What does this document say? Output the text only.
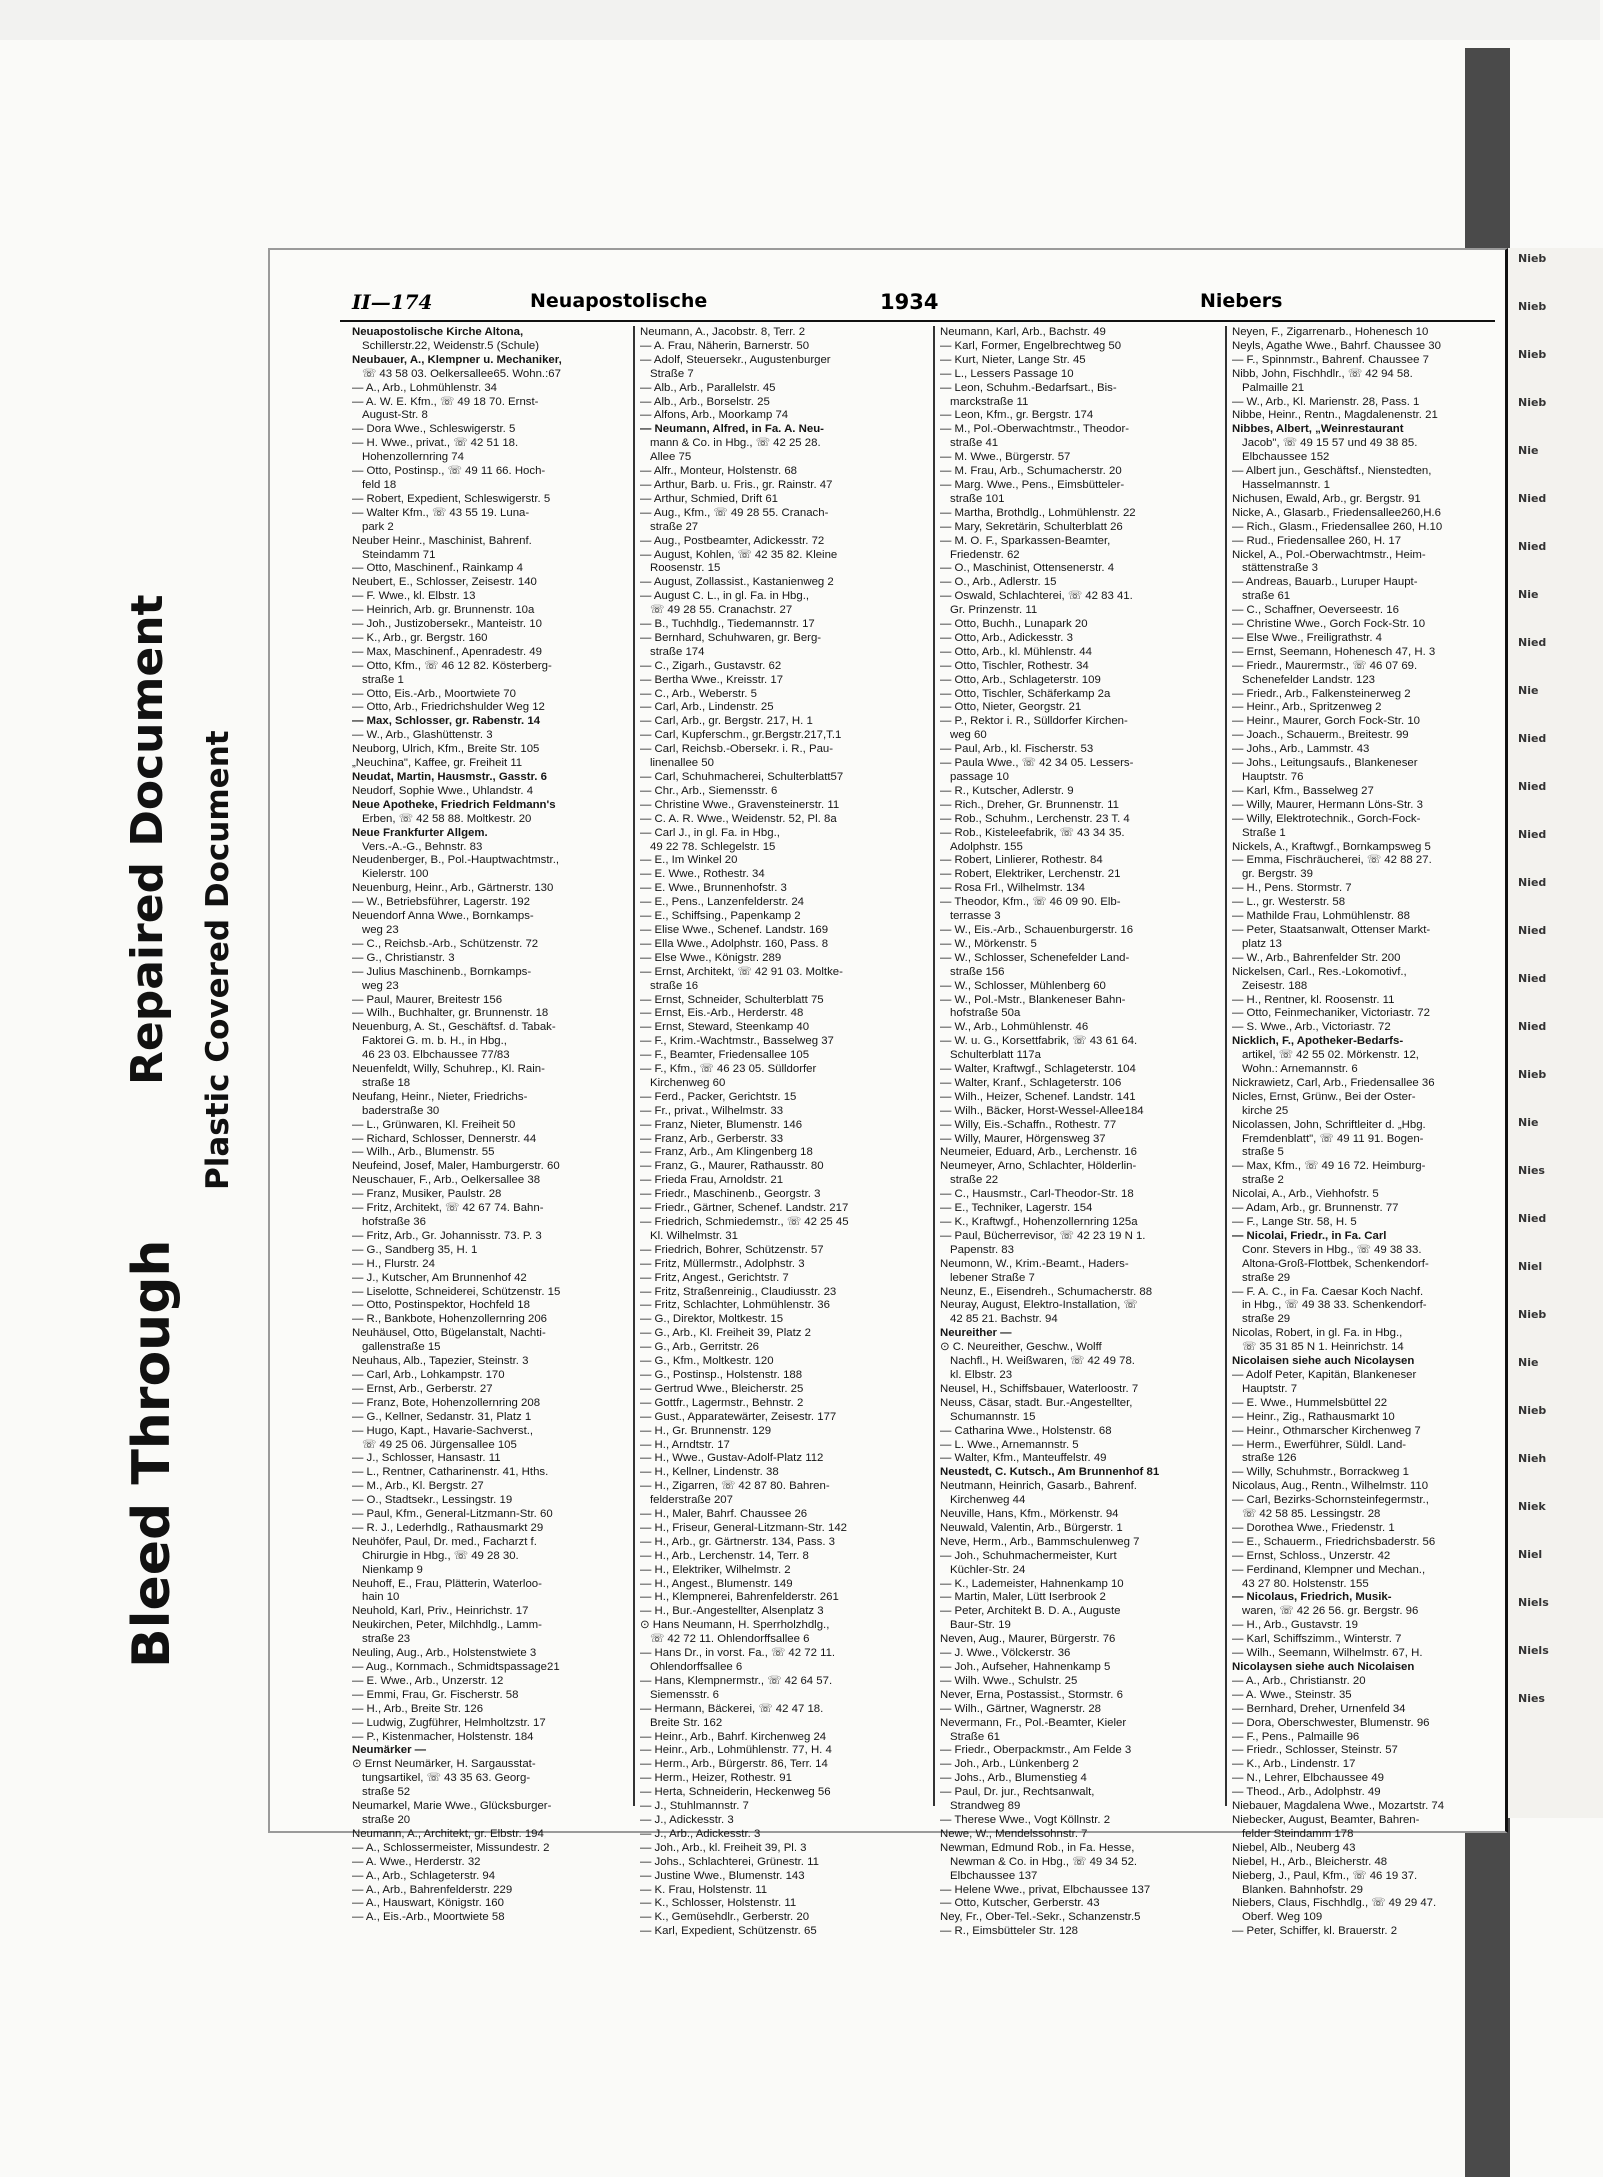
Nieb
Nieb
Nieb
Nieb
Nie
Nied
Nied
Nie
Nied
Nie
Nied
Nied
Nied
Nied
Nied
Nied
Nied
Nieb
Nie
Nies
Nied
Niel
Nieb
Nie
Nieb
Nieh
Niek
Niel
Niels
Niels
Nies
Bleed Through
Repaired Document Plastic Covered Document
II—174	Neuapostolische	1934	Niebers
Neuapostolische Kirche Altona,
Schillerstr.22, Weidenstr.5 (Schule)
Neubauer, A., Klempner u. Mechaniker,
☏ 43 58 03. Oelkersallee65. Wohn.:67
— A., Arb., Lohmühlenstr. 34
— A. W. E. Kfm., ☏ 49 18 70. Ernst-
August-Str. 8
— Dora Wwe., Schleswigerstr. 5
— H. Wwe., privat., ☏ 42 51 18.
Hohenzollernring 74
— Otto, Postinsp., ☏ 49 11 66. Hoch-
feld 18
— Robert, Expedient, Schleswigerstr. 5
— Walter Kfm., ☏ 43 55 19. Luna-
park 2
Neuber Heinr., Maschinist, Bahrenf.
Steindamm 71
— Otto, Maschinenf., Rainkamp 4
Neubert, E., Schlosser, Zeisestr. 140
— F. Wwe., kl. Elbstr. 13
— Heinrich, Arb. gr. Brunnenstr. 10a
— Joh., Justizobersekr., Manteistr. 10
— K., Arb., gr. Bergstr. 160
— Max, Maschinenf., Apenradestr. 49
— Otto, Kfm., ☏ 46 12 82. Kösterberg-
straße 1
— Otto, Eis.-Arb., Moortwiete 70
— Otto, Arb., Friedrichshulder Weg 12
— Max, Schlosser, gr. Rabenstr. 14
— W., Arb., Glashüttenstr. 3
Neuborg, Ulrich, Kfm., Breite Str. 105
„Neuchina", Kaffee, gr. Freiheit 11
Neudat, Martin, Hausmstr., Gasstr. 6
Neudorf, Sophie Wwe., Uhlandstr. 4
Neue Apotheke, Friedrich Feldmann's
Erben, ☏ 42 58 88. Moltkestr. 20
Neue Frankfurter Allgem.
Vers.-A.-G., Behnstr. 83
Neudenberger, B., Pol.-Hauptwachtmstr.,
Kielerstr. 100
Neuenburg, Heinr., Arb., Gärtnerstr. 130
— W., Betriebsführer, Lagerstr. 192
Neuendorf Anna Wwe., Bornkamps-
weg 23
— C., Reichsb.-Arb., Schützenstr. 72
— G., Christianstr. 3
— Julius Maschinenb., Bornkamps-
weg 23
— Paul, Maurer, Breitestr 156
— Wilh., Buchhalter, gr. Brunnenstr. 18
Neuenburg, A. St., Geschäftsf. d. Tabak-
Faktorei G. m. b. H., in Hbg.,
46 23 03. Elbchaussee 77/83
Neuenfeldt, Willy, Schuhrep., Kl. Rain-
straße 18
Neufang, Heinr., Nieter, Friedrichs-
baderstraße 30
— L., Grünwaren, Kl. Freiheit 50
— Richard, Schlosser, Dennerstr. 44
— Wilh., Arb., Blumenstr. 55
Neufeind, Josef, Maler, Hamburgerstr. 60
Neuschauer, F., Arb., Oelkersallee 38
— Franz, Musiker, Paulstr. 28
— Fritz, Architekt, ☏ 42 67 74. Bahn-
hofstraße 36
— Fritz, Arb., Gr. Johannisstr. 73. P. 3
— G., Sandberg 35, H. 1
— H., Flurstr. 24
— J., Kutscher, Am Brunnenhof 42
— Liselotte, Schneiderei, Schützenstr. 15
— Otto, Postinspektor, Hochfeld 18
— R., Bankbote, Hohenzollernring 206
Neuhäusel, Otto, Bügelanstalt, Nachti-
gallenstraße 15
Neuhaus, Alb., Tapezier, Steinstr. 3
— Carl, Arb., Lohkampstr. 170
— Ernst, Arb., Gerberstr. 27
— Franz, Bote, Hohenzollernring 208
— G., Kellner, Sedanstr. 31, Platz 1
— Hugo, Kapt., Havarie-Sachverst.,
☏ 49 25 06. Jürgensallee 105
— J., Schlosser, Hansastr. 11
— L., Rentner, Catharinenstr. 41, Hths.
— M., Arb., Kl. Bergstr. 27
— O., Stadtsekr., Lessingstr. 19
— Paul, Kfm., General-Litzmann-Str. 60
— R. J., Lederhdlg., Rathausmarkt 29
Neuhöfer, Paul, Dr. med., Facharzt f.
Chirurgie in Hbg., ☏ 49 28 30.
Nienkamp 9
Neuhoff, E., Frau, Plätterin, Waterloo-
hain 10
Neuhold, Karl, Priv., Heinrichstr. 17
Neukirchen, Peter, Milchhdlg., Lamm-
straße 23
Neuling, Aug., Arb., Holstenstwiete 3
— Aug., Kornmach., Schmidtspassage21
— E. Wwe., Arb., Unzerstr. 12
— Emmi, Frau, Gr. Fischerstr. 58
— H., Arb., Breite Str. 126
— Ludwig, Zugführer, Helmholtzstr. 17
— P., Kistenmacher, Holstenstr. 184
Neumärker —
⊙ Ernst Neumärker, H. Sargausstat-
tungsartikel, ☏ 43 35 63. Georg-
straße 52
Neumarkel, Marie Wwe., Glücksburger-
straße 20
Neumann, A., Architekt, gr. Elbstr. 194
— A., Schlossermeister, Missundestr. 2
— A. Wwe., Herderstr. 32
— A., Arb., Schlageterstr. 94
— A., Arb., Bahrenfelderstr. 229
— A., Hauswart, Königstr. 160
— A., Eis.-Arb., Moortwiete 58
Neumann, A., Jacobstr. 8, Terr. 2
— A. Frau, Näherin, Barnerstr. 50
— Adolf, Steuersekr., Augustenburger
Straße 7
— Alb., Arb., Parallelstr. 45
— Alb., Arb., Borselstr. 25
— Alfons, Arb., Moorkamp 74
— Neumann, Alfred, in Fa. A. Neu-
mann & Co. in Hbg., ☏ 42 25 28.
Allee 75
— Alfr., Monteur, Holstenstr. 68
— Arthur, Barb. u. Fris., gr. Rainstr. 47
— Arthur, Schmied, Drift 61
— Aug., Kfm., ☏ 49 28 55. Cranach-
straße 27
— Aug., Postbeamter, Adickesstr. 72
— August, Kohlen, ☏ 42 35 82. Kleine
Roosenstr. 15
— August, Zollassist., Kastanienweg 2
— August C. L., in gl. Fa. in Hbg.,
☏ 49 28 55. Cranachstr. 27
— B., Tuchhdlg., Tiedemannstr. 17
— Bernhard, Schuhwaren, gr. Berg-
straße 174
— C., Zigarh., Gustavstr. 62
— Bertha Wwe., Kreisstr. 17
— C., Arb., Weberstr. 5
— Carl, Arb., Lindenstr. 25
— Carl, Arb., gr. Bergstr. 217, H. 1
— Carl, Kupferschm., gr.Bergstr.217,T.1
— Carl, Reichsb.-Obersekr. i. R., Pau-
linenallee 50
— Carl, Schuhmacherei, Schulterblatt57
— Chr., Arb., Siemensstr. 6
— Christine Wwe., Gravensteinerstr. 11
— C. A. R. Wwe., Weidenstr. 52, Pl. 8a
— Carl J., in gl. Fa. in Hbg.,
49 22 78. Schlegelstr. 15
— E., Im Winkel 20
— E. Wwe., Rothestr. 34
— E. Wwe., Brunnenhofstr. 3
— E., Pens., Lanzenfelderstr. 24
— E., Schiffsing., Papenkamp 2
— Elise Wwe., Schenef. Landstr. 169
— Ella Wwe., Adolphstr. 160, Pass. 8
— Else Wwe., Königstr. 289
— Ernst, Architekt, ☏ 42 91 03. Moltke-
straße 16
— Ernst, Schneider, Schulterblatt 75
— Ernst, Eis.-Arb., Herderstr. 48
— Ernst, Steward, Steenkamp 40
— F., Krim.-Wachtmstr., Basselweg 37
— F., Beamter, Friedensallee 105
— F., Kfm., ☏ 46 23 05. Sülldorfer
Kirchenweg 60
— Ferd., Packer, Gerichtstr. 15
— Fr., privat., Wilhelmstr. 33
— Franz, Nieter, Blumenstr. 146
— Franz, Arb., Gerberstr. 33
— Franz, Arb., Am Klingenberg 18
— Franz, G., Maurer, Rathausstr. 80
— Frieda Frau, Arnoldstr. 21
— Friedr., Maschinenb., Georgstr. 3
— Friedr., Gärtner, Schenef. Landstr. 217
— Friedrich, Schmiedemstr., ☏ 42 25 45
Kl. Wilhelmstr. 31
— Friedrich, Bohrer, Schützenstr. 57
— Fritz, Müllermstr., Adolphstr. 3
— Fritz, Angest., Gerichtstr. 7
— Fritz, Straßenreinig., Claudiusstr. 23
— Fritz, Schlachter, Lohmühlenstr. 36
— G., Direktor, Moltkestr. 15
— G., Arb., Kl. Freiheit 39, Platz 2
— G., Arb., Gerritstr. 26
— G., Kfm., Moltkestr. 120
— G., Postinsp., Holstenstr. 188
— Gertrud Wwe., Bleicherstr. 25
— Gottfr., Lagermstr., Behnstr. 2
— Gust., Apparatewärter, Zeisestr. 177
— H., Gr. Brunnenstr. 129
— H., Arndtstr. 17
— H., Wwe., Gustav-Adolf-Platz 112
— H., Kellner, Lindenstr. 38
— H., Zigarren, ☏ 42 87 80. Bahren-
felderstraße 207
— H., Maler, Bahrf. Chaussee 26
— H., Friseur, General-Litzmann-Str. 142
— H., Arb., gr. Gärtnerstr. 134, Pass. 3
— H., Arb., Lerchenstr. 14, Terr. 8
— H., Elektriker, Wilhelmstr. 2
— H., Angest., Blumenstr. 149
— H., Klempnerei, Bahrenfelderstr. 261
— H., Bur.-Angestellter, Alsenplatz 3
⊙ Hans Neumann, H. Sperrholzhdlg.,
☏ 42 72 11. Ohlendorffsallee 6
— Hans Dr., in vorst. Fa., ☏ 42 72 11.
Ohlendorffsallee 6
— Hans, Klempnermstr., ☏ 42 64 57.
Siemensstr. 6
— Hermann, Bäckerei, ☏ 42 47 18.
Breite Str. 162
— Heinr., Arb., Bahrf. Kirchenweg 24
— Heinr., Arb., Lohmühlenstr. 77, H. 4
— Herm., Arb., Bürgerstr. 86, Terr. 14
— Herm., Heizer, Rothestr. 91
— Herta, Schneiderin, Heckenweg 56
— J., Stuhlmannstr. 7
— J., Adickesstr. 3
— J., Arb., Adickesstr. 3
— Joh., Arb., kl. Freiheit 39, Pl. 3
— Johs., Schlachterei, Grünestr. 11
— Justine Wwe., Blumenstr. 143
— K. Frau, Holstenstr. 11
— K., Schlosser, Holstenstr. 11
— K., Gemüsehdlr., Gerberstr. 20
— Karl, Expedient, Schützenstr. 65
Neumann, Karl, Arb., Bachstr. 49
— Karl, Former, Engelbrechtweg 50
— Kurt, Nieter, Lange Str. 45
— L., Lessers Passage 10
— Leon, Schuhm.-Bedarfsart., Bis-
marckstraße 11
— Leon, Kfm., gr. Bergstr. 174
— M., Pol.-Oberwachtmstr., Theodor-
straße 41
— M. Wwe., Bürgerstr. 57
— M. Frau, Arb., Schumacherstr. 20
— Marg. Wwe., Pens., Eimsbütteler-
straße 101
— Martha, Brothdlg., Lohmühlenstr. 22
— Mary, Sekretärin, Schulterblatt 26
— M. O. F., Sparkassen-Beamter,
Friedenstr. 62
— O., Maschinist, Ottensenerstr. 4
— O., Arb., Adlerstr. 15
— Oswald, Schlachterei, ☏ 42 83 41.
Gr. Prinzenstr. 11
— Otto, Buchh., Lunapark 20
— Otto, Arb., Adickesstr. 3
— Otto, Arb., kl. Mühlenstr. 44
— Otto, Tischler, Rothestr. 34
— Otto, Arb., Schlageterstr. 109
— Otto, Tischler, Schäferkamp 2a
— Otto, Nieter, Georgstr. 21
— P., Rektor i. R., Sülldorfer Kirchen-
weg 60
— Paul, Arb., kl. Fischerstr. 53
— Paula Wwe., ☏ 42 34 05. Lessers-
passage 10
— R., Kutscher, Adlerstr. 9
— Rich., Dreher, Gr. Brunnenstr. 11
— Rob., Schuhm., Lerchenstr. 23 T. 4
— Rob., Kisteleefabrik, ☏ 43 34 35.
Adolphstr. 155
— Robert, Linlierer, Rothestr. 84
— Robert, Elektriker, Lerchenstr. 21
— Rosa Frl., Wilhelmstr. 134
— Theodor, Kfm., ☏ 46 09 90. Elb-
terrasse 3
— W., Eis.-Arb., Schauenburgerstr. 16
— W., Mörkenstr. 5
— W., Schlosser, Schenefelder Land-
straße 156
— W., Schlosser, Mühlenberg 60
— W., Pol.-Mstr., Blankeneser Bahn-
hofstraße 50a
— W., Arb., Lohmühlenstr. 46
— W. u. G., Korsettfabrik, ☏ 43 61 64.
Schulterblatt 117a
— Walter, Kraftwgf., Schlageterstr. 104
— Walter, Kranf., Schlageterstr. 106
— Wilh., Heizer, Schenef. Landstr. 141
— Wilh., Bäcker, Horst-Wessel-Allee184
— Willy, Eis.-Schaffn., Rothestr. 77
— Willy, Maurer, Hörgensweg 37
Neumeier, Eduard, Arb., Lerchenstr. 16
Neumeyer, Arno, Schlachter, Hölderlin-
straße 22
— C., Hausmstr., Carl-Theodor-Str. 18
— E., Techniker, Lagerstr. 154
— K., Kraftwgf., Hohenzollernring 125a
— Paul, Bücherrevisor, ☏ 42 23 19 N 1.
Papenstr. 83
Neumonn, W., Krim.-Beamt., Haders-
lebener Straße 7
Neunz, E., Eisendreh., Schumacherstr. 88
Neuray, August, Elektro-Installation, ☏
42 85 21. Bachstr. 94
Neureither —
⊙ C. Neureither, Geschw., Wolff
Nachfl., H. Weißwaren, ☏ 42 49 78.
kl. Elbstr. 23
Neusel, H., Schiffsbauer, Waterloostr. 7
Neuss, Cäsar, stadt. Bur.-Angestellter,
Schumannstr. 15
— Catharina Wwe., Holstenstr. 68
— L. Wwe., Arnemannstr. 5
— Walter, Kfm., Manteuffelstr. 49
Neustedt, C. Kutsch., Am Brunnenhof 81
Neutmann, Heinrich, Gasarb., Bahrenf.
Kirchenweg 44
Neuville, Hans, Kfm., Mörkenstr. 94
Neuwald, Valentin, Arb., Bürgerstr. 1
Neve, Herm., Arb., Bammschulenweg 7
— Joh., Schuhmachermeister, Kurt
Küchler-Str. 24
— K., Lademeister, Hahnenkamp 10
— Martin, Maler, Lütt Iserbrook 2
— Peter, Architekt B. D. A., Auguste
Baur-Str. 19
Neven, Aug., Maurer, Bürgerstr. 76
— J. Wwe., Völckerstr. 36
— Joh., Aufseher, Hahnenkamp 5
— Wilh. Wwe., Schulstr. 25
Never, Erna, Postassist., Stormstr. 6
— Wilh., Gärtner, Wagnerstr. 28
Nevermann, Fr., Pol.-Beamter, Kieler
Straße 61
— Friedr., Oberpackmstr., Am Felde 3
— Joh., Arb., Lünkenberg 2
— Johs., Arb., Blumenstieg 4
— Paul, Dr. jur., Rechtsanwalt,
Strandweg 89
— Therese Wwe., Vogt Köllnstr. 2
Newe, W., Mendelssohnstr. 7
Newman, Edmund Rob., in Fa. Hesse,
Newman & Co. in Hbg., ☏ 49 34 52.
Elbchaussee 137
— Helene Wwe., privat, Elbchaussee 137
— Otto, Kutscher, Gerberstr. 43
Ney, Fr., Ober-Tel.-Sekr., Schanzenstr.5
— R., Eimsbütteler Str. 128
Neyen, F., Zigarrenarb., Hohenesch 10
Neyls, Agathe Wwe., Bahrf. Chaussee 30
— F., Spinnmstr., Bahrenf. Chaussee 7
Nibb, John, Fischhdlr., ☏ 42 94 58.
Palmaille 21
— W., Arb., Kl. Marienstr. 28, Pass. 1
Nibbe, Heinr., Rentn., Magdalenenstr. 21
Nibbes, Albert, „Weinrestaurant
Jacob", ☏ 49 15 57 und 49 38 85.
Elbchaussee 152
— Albert jun., Geschäftsf., Nienstedten,
Hasselmannstr. 1
Nichusen, Ewald, Arb., gr. Bergstr. 91
Nicke, A., Glasarb., Friedensallee260,H.6
— Rich., Glasm., Friedensallee 260, H.10
— Rud., Friedensallee 260, H. 17
Nickel, A., Pol.-Oberwachtmstr., Heim-
stättenstraße 3
— Andreas, Bauarb., Luruper Haupt-
straße 61
— C., Schaffner, Oeverseestr. 16
— Christine Wwe., Gorch Fock-Str. 10
— Else Wwe., Freiligrathstr. 4
— Ernst, Seemann, Hohenesch 47, H. 3
— Friedr., Maurermstr., ☏ 46 07 69.
Schenefelder Landstr. 123
— Friedr., Arb., Falkensteinerweg 2
— Heinr., Arb., Spritzenweg 2
— Heinr., Maurer, Gorch Fock-Str. 10
— Joach., Schauerm., Breitestr. 99
— Johs., Arb., Lammstr. 43
— Johs., Leitungsaufs., Blankeneser
Hauptstr. 76
— Karl, Kfm., Basselweg 27
— Willy, Maurer, Hermann Löns-Str. 3
— Willy, Elektrotechnik., Gorch-Fock-
Straße 1
Nickels, A., Kraftwgf., Bornkampsweg 5
— Emma, Fischräucherei, ☏ 42 88 27.
gr. Bergstr. 39
— H., Pens. Stormstr. 7
— L., gr. Westerstr. 58
— Mathilde Frau, Lohmühlenstr. 88
— Peter, Staatsanwalt, Ottenser Markt-
platz 13
— W., Arb., Bahrenfelder Str. 200
Nickelsen, Carl., Res.-Lokomotivf.,
Zeisestr. 188
— H., Rentner, kl. Roosenstr. 11
— Otto, Feinmechaniker, Victoriastr. 72
— S. Wwe., Arb., Victoriastr. 72
Nicklich, F., Apotheker-Bedarfs-
artikel, ☏ 42 55 02. Mörkenstr. 12,
Wohn.: Arnemannstr. 6
Nickrawietz, Carl, Arb., Friedensallee 36
Nicles, Ernst, Grünw., Bei der Oster-
kirche 25
Nicolassen, John, Schriftleiter d. „Hbg.
Fremdenblatt", ☏ 49 11 91. Bogen-
straße 5
— Max, Kfm., ☏ 49 16 72. Heimburg-
straße 2
Nicolai, A., Arb., Viehhofstr. 5
— Adam, Arb., gr. Brunnenstr. 77
— F., Lange Str. 58, H. 5
— Nicolai, Friedr., in Fa. Carl
Conr. Stevers in Hbg., ☏ 49 38 33.
Altona-Groß-Flottbek, Schenkendorf-
straße 29
— F. A. C., in Fa. Caesar Koch Nachf.
in Hbg., ☏ 49 38 33. Schenkendorf-
straße 29
Nicolas, Robert, in gl. Fa. in Hbg.,
☏ 35 31 85 N 1. Heinrichstr. 14
Nicolaisen siehe auch Nicolaysen
— Adolf Peter, Kapitän, Blankeneser
Hauptstr. 7
— E. Wwe., Hummelsbüttel 22
— Heinr., Zig., Rathausmarkt 10
— Heinr., Othmarscher Kirchenweg 7
— Herm., Ewerführer, Süldl. Land-
straße 126
— Willy, Schuhmstr., Borrackweg 1
Nicolaus, Aug., Rentn., Wilhelmstr. 110
— Carl, Bezirks-Schornsteinfegermstr.,
☏ 42 58 85. Lessingstr. 28
— Dorothea Wwe., Friedenstr. 1
— E., Schauerm., Friedrichsbaderstr. 56
— Ernst, Schloss., Unzerstr. 42
— Ferdinand, Klempner und Mechan.,
43 27 80. Holstenstr. 155
— Nicolaus, Friedrich, Musik-
waren, ☏ 42 26 56. gr. Bergstr. 96
— H., Arb., Gustavstr. 19
— Karl, Schiffszimm., Winterstr. 7
— Wilh., Seemann, Wilhelmstr. 67, H.
Nicolaysen siehe auch Nicolaisen
— A., Arb., Christianstr. 20
— A. Wwe., Steinstr. 35
— Bernhard, Dreher, Urnenfeld 34
— Dora, Oberschwester, Blumenstr. 96
— F., Pens., Palmaille 96
— Friedr., Schlosser, Steinstr. 57
— K., Arb., Lindenstr. 17
— N., Lehrer, Elbchaussee 49
— Theod., Arb., Adolphstr. 49
Niebauer, Magdalena Wwe., Mozartstr. 74
Niebecker, August, Beamter, Bahren-
felder Steindamm 178
Niebel, Alb., Neuberg 43
Niebel, H., Arb., Bleicherstr. 48
Nieberg, J., Paul, Kfm., ☏ 46 19 37.
Blanken. Bahnhofstr. 29
Niebers, Claus, Fischhdlg., ☏ 49 29 47.
Oberf. Weg 109
— Peter, Schiffer, kl. Brauerstr. 2
